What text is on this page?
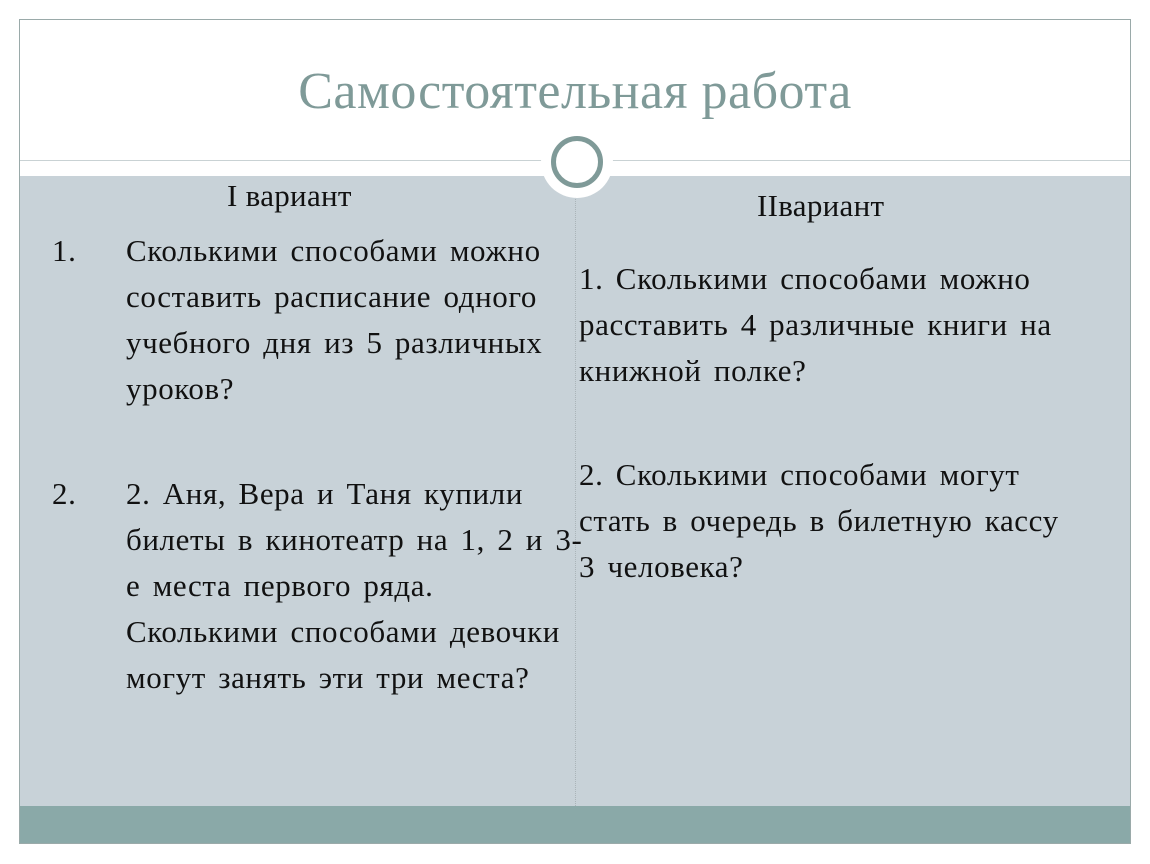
Самостоятельная работа
I вариант
1. Сколькими способами можно составить расписание одного учебного дня из 5 различных уроков?
2. 2. Аня, Вера и Таня купили билеты в кинотеатр на 1, 2 и 3-е места первого ряда. Сколькими способами девочки могут занять эти три места?
IIвариант
1. Сколькими способами можно расставить 4 различные книги на книжной полке?
2. Сколькими способами могут стать в очередь в билетную кассу 3 человека?
